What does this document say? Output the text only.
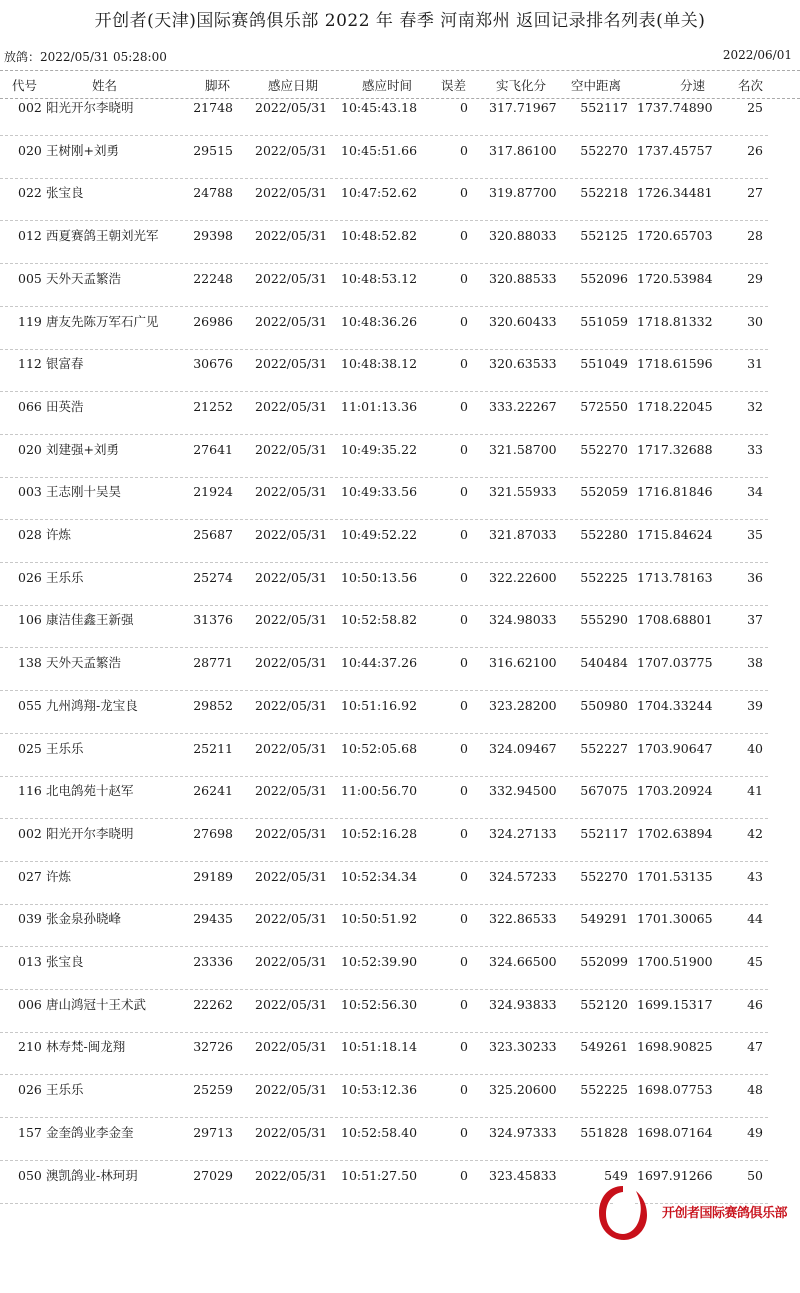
开创者(天津)国际赛鸽俱乐部 2022 年 春季 河南郑州 返回记录排名列表(单关)
放鸽：2022/05/31 05:28:00	2022/06/01
代号	姓名	脚环	感应日期	感应时间 误差 实飞化分 空中距离	分速	名次
002 阳光开尔李晓明	21748 2022/05/31 10:45:43.18	0 317.71967 552117 1737.74890	25
020 王树刚+刘勇	29515 2022/05/31 10:45:51.66	0 317.86100 552270 1737.45757	26
022 张宝良	24788 2022/05/31 10:47:52.62	0 319.87700 552218 1726.34481	27
012 西夏赛鸽王朝刘光军	29398 2022/05/31 10:48:52.82	0 320.88033 552125 1720.65703	28
005 天外天孟繁浩	22248 2022/05/31 10:48:53.12	0 320.88533 552096 1720.53984	29
119 唐友先陈万军石广见	26986 2022/05/31 10:48:36.26	0 320.60433 551059 1718.81332	30
112 银富春	30676 2022/05/31 10:48:38.12	0 320.63533 551049 1718.61596	31
066 田英浩	21252 2022/05/31 11:01:13.36	0 333.22267 572550 1718.22045	32
020 刘建强+刘勇	27641 2022/05/31 10:49:35.22	0 321.58700 552270 1717.32688	33
003 王志刚十吴昊	21924 2022/05/31 10:49:33.56	0 321.55933 552059 1716.81846	34
028 许炼	25687 2022/05/31 10:49:52.22	0 321.87033 552280 1715.84624	35
026 王乐乐	25274 2022/05/31 10:50:13.56	0 322.22600 552225 1713.78163	36
106 康洁佳鑫王新强	31376 2022/05/31 10:52:58.82	0 324.98033 555290 1708.68801	37
138 天外天孟繁浩	28771 2022/05/31 10:44:37.26	0 316.62100 540484 1707.03775	38
055 九州鸿翔-龙宝良	29852 2022/05/31 10:51:16.92	0 323.28200 550980 1704.33244	39
025 王乐乐	25211 2022/05/31 10:52:05.68	0 324.09467 552227 1703.90647	40
116 北电鸽苑十赵军	26241 2022/05/31 11:00:56.70	0 332.94500 567075 1703.20924	41
002 阳光开尔李晓明	27698 2022/05/31 10:52:16.28	0 324.27133 552117 1702.63894	42
027 许炼	29189 2022/05/31 10:52:34.34	0 324.57233 552270 1701.53135	43
039 张金泉孙晓峰	29435 2022/05/31 10:50:51.92	0 322.86533 549291 1701.30065	44
013 张宝良	23336 2022/05/31 10:52:39.90	0 324.66500 552099 1700.51900	45
006 唐山鸿冠十王术武	22262 2022/05/31 10:52:56.30	0 324.93833 552120 1699.15317	46
210 林寿梵-闽龙翔	32726 2022/05/31 10:51:18.14	0 323.30233 549261 1698.90825	47
026 王乐乐	25259 2022/05/31 10:53:12.36	0 325.20600 552225 1698.07753	48
157 金奎鸽业李金奎	29713 2022/05/31 10:52:58.40	0 324.97333 551828 1698.07164	49
050 澳凯鸽业-林珂玥	27029 2022/05/31 10:51:27.50	0 323.45833	549 1697.91266	50
开创者国际赛鸽俱乐部
